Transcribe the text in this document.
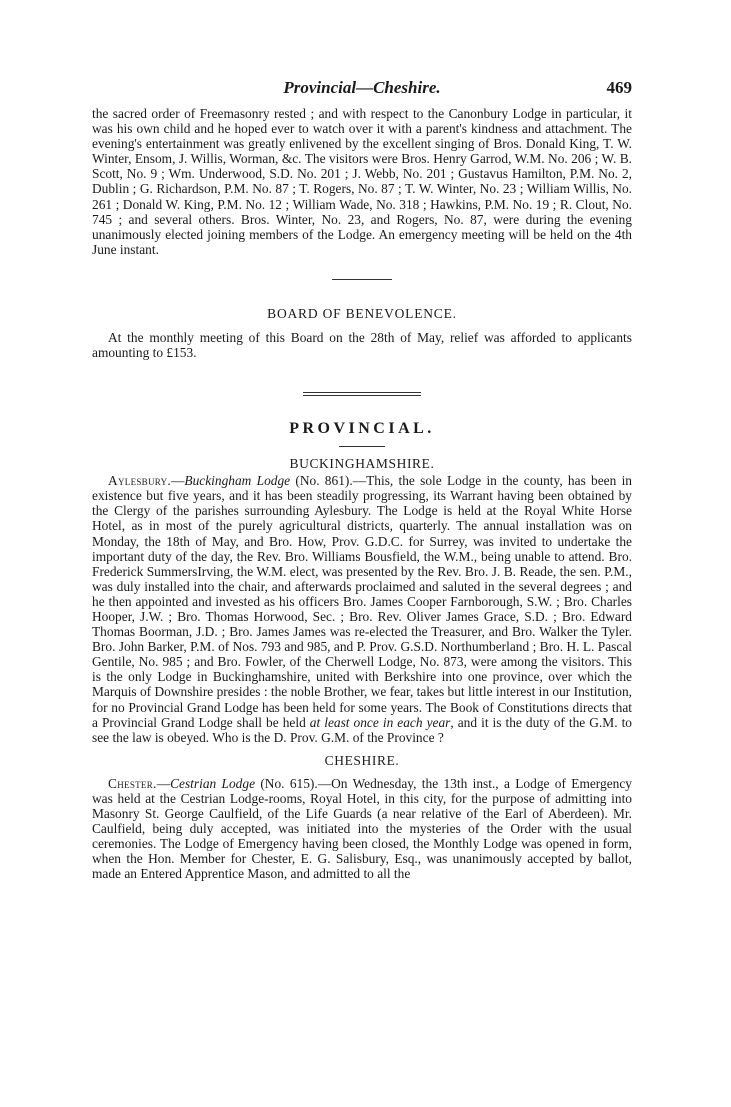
Provincial—Cheshire.	469

the sacred order of Freemasonry rested ; and with respect to the Canonbury Lodge in particular, it was his own child and he hoped ever to watch over it with a parent's kindness and attachment. The evening's entertainment was greatly enlivened by the excellent singing of Bros. Donald King, T. W. Winter, Ensom, J. Willis, Worman, &c. The visitors were Bros. Henry Garrod, W.M. No. 206 ; W. B. Scott, No. 9 ; Wm. Underwood, S.D. No. 201 ; J. Webb, No. 201 ; Gustavus Hamilton, P.M. No. 2, Dublin ; G. Richardson, P.M. No. 87 ; T. Rogers, No. 87 ; T. W. Winter, No. 23 ; William Willis, No. 261 ; Donald W. King, P.M. No. 12 ; William Wade, No. 318 ; Hawkins, P.M. No. 19 ; R. Clout, No. 745 ; and several others. Bros. Winter, No. 23, and Rogers, No. 87, were during the evening unanimously elected joining members of the Lodge. An emergency meeting will be held on the 4th June instant.

BOARD OF BENEVOLENCE.

At the monthly meeting of this Board on the 28th of May, relief was afforded to applicants amounting to £153.

PROVINCIAL.
BUCKINGHAMSHIRE.

Aylesbury.—Buckingham Lodge (No. 861).—This, the sole Lodge in the county, has been in existence but five years, and it has been steadily progressing, its Warrant having been obtained by the Clergy of the parishes surrounding Aylesbury. The Lodge is held at the Royal White Horse Hotel, as in most of the purely agricultural districts, quarterly. The annual installation was on Monday, the 18th of May, and Bro. How, Prov. G.D.C. for Surrey, was invited to undertake the important duty of the day, the Rev. Bro. Williams Bousfield, the W.M., being unable to attend. Bro. Frederick SummersIrving, the W.M. elect, was presented by the Rev. Bro. J. B. Reade, the sen. P.M., was duly installed into the chair, and afterwards proclaimed and saluted in the several degrees ; and he then appointed and invested as his officers Bro. James Cooper Farnborough, S.W. ; Bro. Charles Hooper, J.W. ; Bro. Thomas Horwood, Sec. ; Bro. Rev. Oliver James Grace, S.D. ; Bro. Edward Thomas Boorman, J.D. ; Bro. James James was re-elected the Treasurer, and Bro. Walker the Tyler. Bro. John Barker, P.M. of Nos. 793 and 985, and P. Prov. G.S.D. Northumberland ; Bro. H. L. Pascal Gentile, No. 985 ; and Bro. Fowler, of the Cherwell Lodge, No. 873, were among the visitors. This is the only Lodge in Buckinghamshire, united with Berkshire into one province, over which the Marquis of Downshire presides : the noble Brother, we fear, takes but little interest in our Institution, for no Provincial Grand Lodge has been held for some years. The Book of Constitutions directs that a Provincial Grand Lodge shall be held at least once in each year, and it is the duty of the G.M. to see the law is obeyed. Who is the D. Prov. G.M. of the Province ?

CHESHIRE.

Chester.—Cestrian Lodge (No. 615).—On Wednesday, the 13th inst., a Lodge of Emergency was held at the Cestrian Lodge-rooms, Royal Hotel, in this city, for the purpose of admitting into Masonry St. George Caulfield, of the Life Guards (a near relative of the Earl of Aberdeen). Mr. Caulfield, being duly accepted, was initiated into the mysteries of the Order with the usual ceremonies. The Lodge of Emergency having been closed, the Monthly Lodge was opened in form, when the Hon. Member for Chester, E. G. Salisbury, Esq., was unanimously accepted by ballot, made an Entered Apprentice Mason, and admitted to all the
